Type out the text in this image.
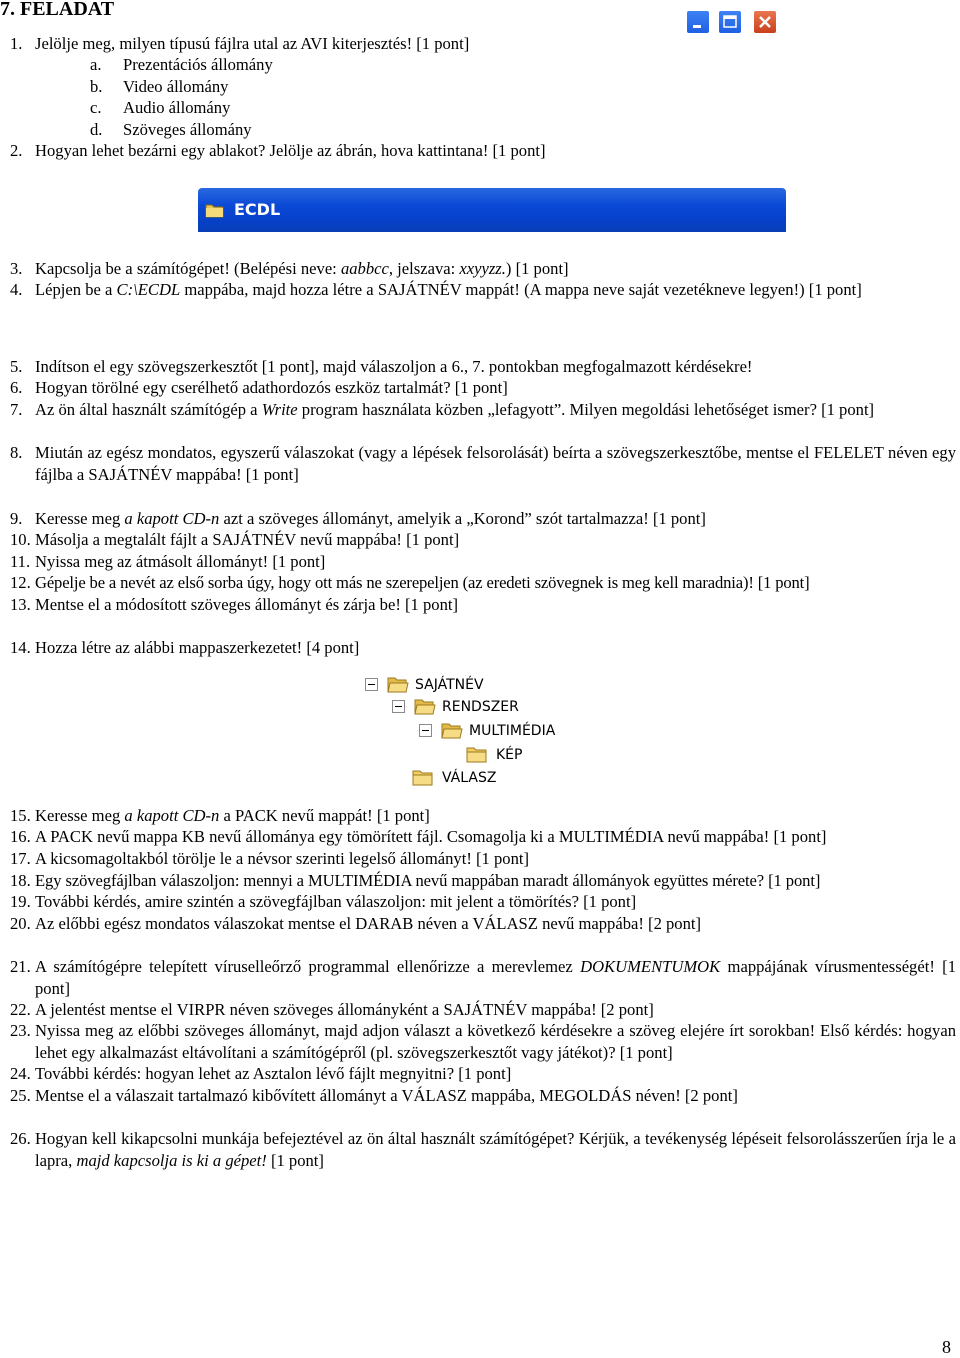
7. FELADAT
1. Jelölje meg, milyen típusú fájlra utal az AVI kiterjesztés! [1 pont]
a. Prezentációs állomány
b. Video állomány
c. Audio állomány
d. Szöveges állomány
2. Hogyan lehet bezárni egy ablakot? Jelölje az ábrán, hova kattintana! [1 pont]
ECDL
3. Kapcsolja be a számítógépet! (Belépési neve: aabbcc, jelszava: xxyyzz.) [1 pont]
4. Lépjen be a C:\ECDL mappába, majd hozza létre a SAJÁTNÉV mappát! (A mappa neve saját vezetékneve legyen!) [1 pont]
5. Indítson el egy szövegszerkesztőt [1 pont], majd válaszoljon a 6., 7. pontokban megfogalmazott kérdésekre!
6. Hogyan törölné egy cserélhető adathordozós eszköz tartalmát? [1 pont]
7. Az ön által használt számítógép a Write program használata közben „lefagyott”. Milyen megoldási lehetőséget ismer? [1 pont]
8. Miután az egész mondatos, egyszerű válaszokat (vagy a lépések felsorolását) beírta a szövegszerkesztőbe, mentse el FELELET néven egy fájlba a SAJÁTNÉV mappába! [1 pont]
9. Keresse meg a kapott CD-n azt a szöveges állományt, amelyik a „Korond” szót tartalmazza! [1 pont]
10. Másolja a megtalált fájlt a SAJÁTNÉV nevű mappába! [1 pont]
11. Nyissa meg az átmásolt állományt! [1 pont]
12. Gépelje be a nevét az első sorba úgy, hogy ott más ne szerepeljen (az eredeti szövegnek is meg kell maradnia)! [1 pont]
13. Mentse el a módosított szöveges állományt és zárja be! [1 pont]
14. Hozza létre az alábbi mappaszerkezetet! [4 pont]
SAJÁTNÉV
RENDSZER
MULTIMÉDIA
KÉP
VÁLASZ
15. Keresse meg a kapott CD-n a PACK nevű mappát! [1 pont]
16. A PACK nevű mappa KB nevű állománya egy tömörített fájl. Csomagolja ki a MULTIMÉDIA nevű mappába! [1 pont]
17. A kicsomagoltakból törölje le a névsor szerinti legelső állományt! [1 pont]
18. Egy szövegfájlban válaszoljon: mennyi a MULTIMÉDIA nevű mappában maradt állományok együttes mérete? [1 pont]
19. További kérdés, amire szintén a szövegfájlban válaszoljon: mit jelent a tömörítés? [1 pont]
20. Az előbbi egész mondatos válaszokat mentse el DARAB néven a VÁLASZ nevű mappába! [2 pont]
21. A számítógépre telepített víruselleőrző programmal ellenőrizze a merevlemez DOKUMENTUMOK mappájának vírusmentességét! [1 pont]
22. A jelentést mentse el VIRPR néven szöveges állományként a SAJÁTNÉV mappába! [2 pont]
23. Nyissa meg az előbbi szöveges állományt, majd adjon választ a következő kérdésekre a szöveg elejére írt sorokban! Első kérdés: hogyan lehet egy alkalmazást eltávolítani a számítógépről (pl. szövegszerkesztőt vagy játékot)? [1 pont]
24. További kérdés: hogyan lehet az Asztalon lévő fájlt megnyitni? [1 pont]
25. Mentse el a válaszait tartalmazó kibővített állományt a VÁLASZ mappába, MEGOLDÁS néven! [2 pont]
26. Hogyan kell kikapcsolni munkája befejeztével az ön által használt számítógépet? Kérjük, a tevékenység lépéseit felsorolásszerűen írja le a lapra, majd kapcsolja is ki a gépet! [1 pont]
8
